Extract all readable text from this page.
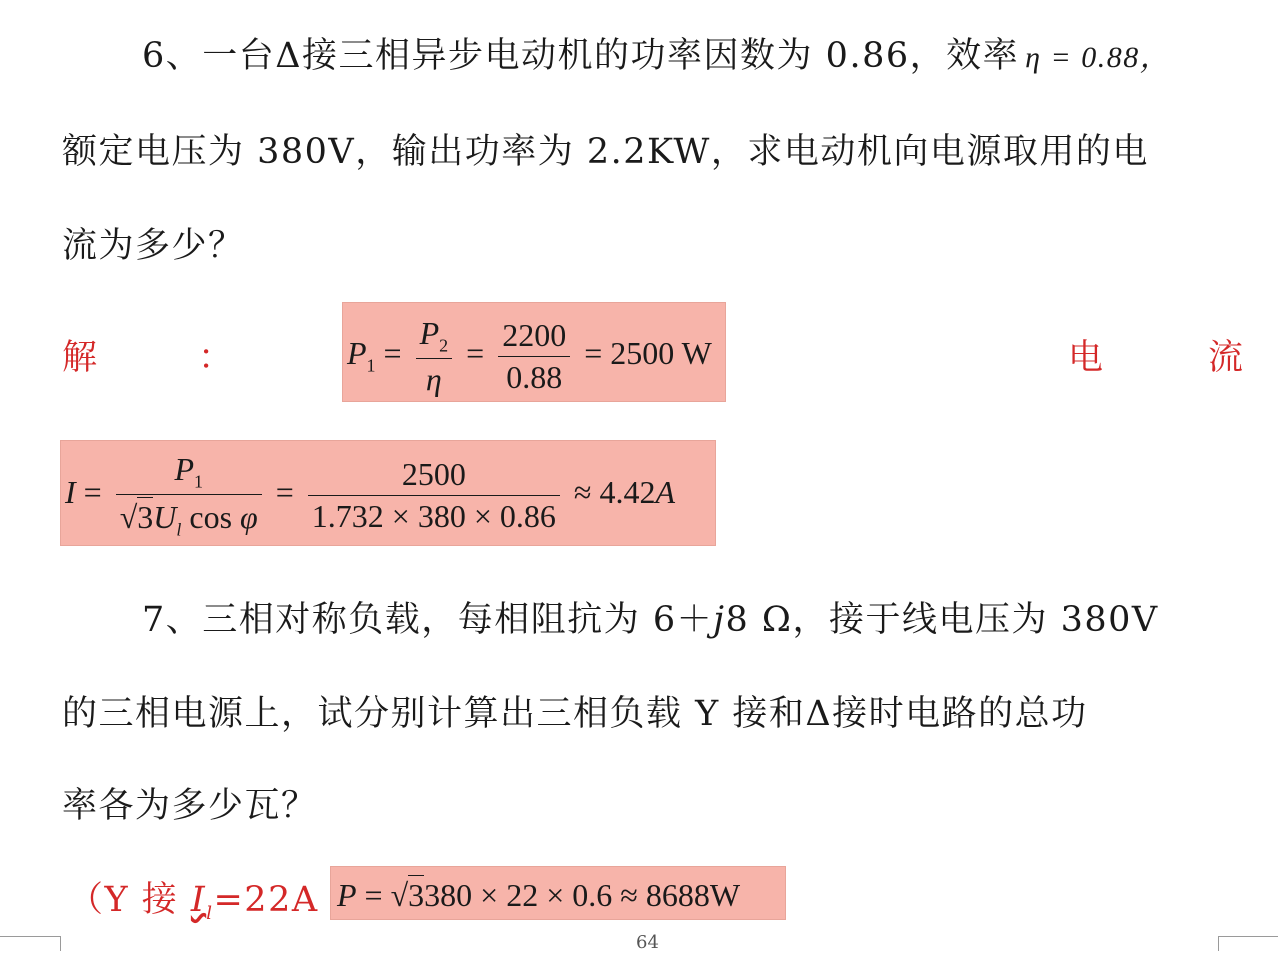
6、一台Δ接三相异步电动机的功率因数为 0.86，效率 η = 0.88，
额定电压为 380V，输出功率为 2.2KW，求电动机向电源取用的电
流为多少？
解	：	电	流
$P_1 = \frac{P_2}{\eta} = \frac{2200}{0.88} = 2500$ W
$I = \frac{P_1}{√3U_l \cos \varphi} = \frac{2500}{1.732 \times 380 \times 0.86} \approx 4.42A$
7、三相对称负载，每相阻抗为 6＋j8 Ω，接于线电压为 380V
的三相电源上，试分别计算出三相负载 Y 接和Δ接时电路的总功
率各为多少瓦？
（Y 接 $I_l=22A$ P = √3380 × 22 × 0.6 ≈ 8688W
64
